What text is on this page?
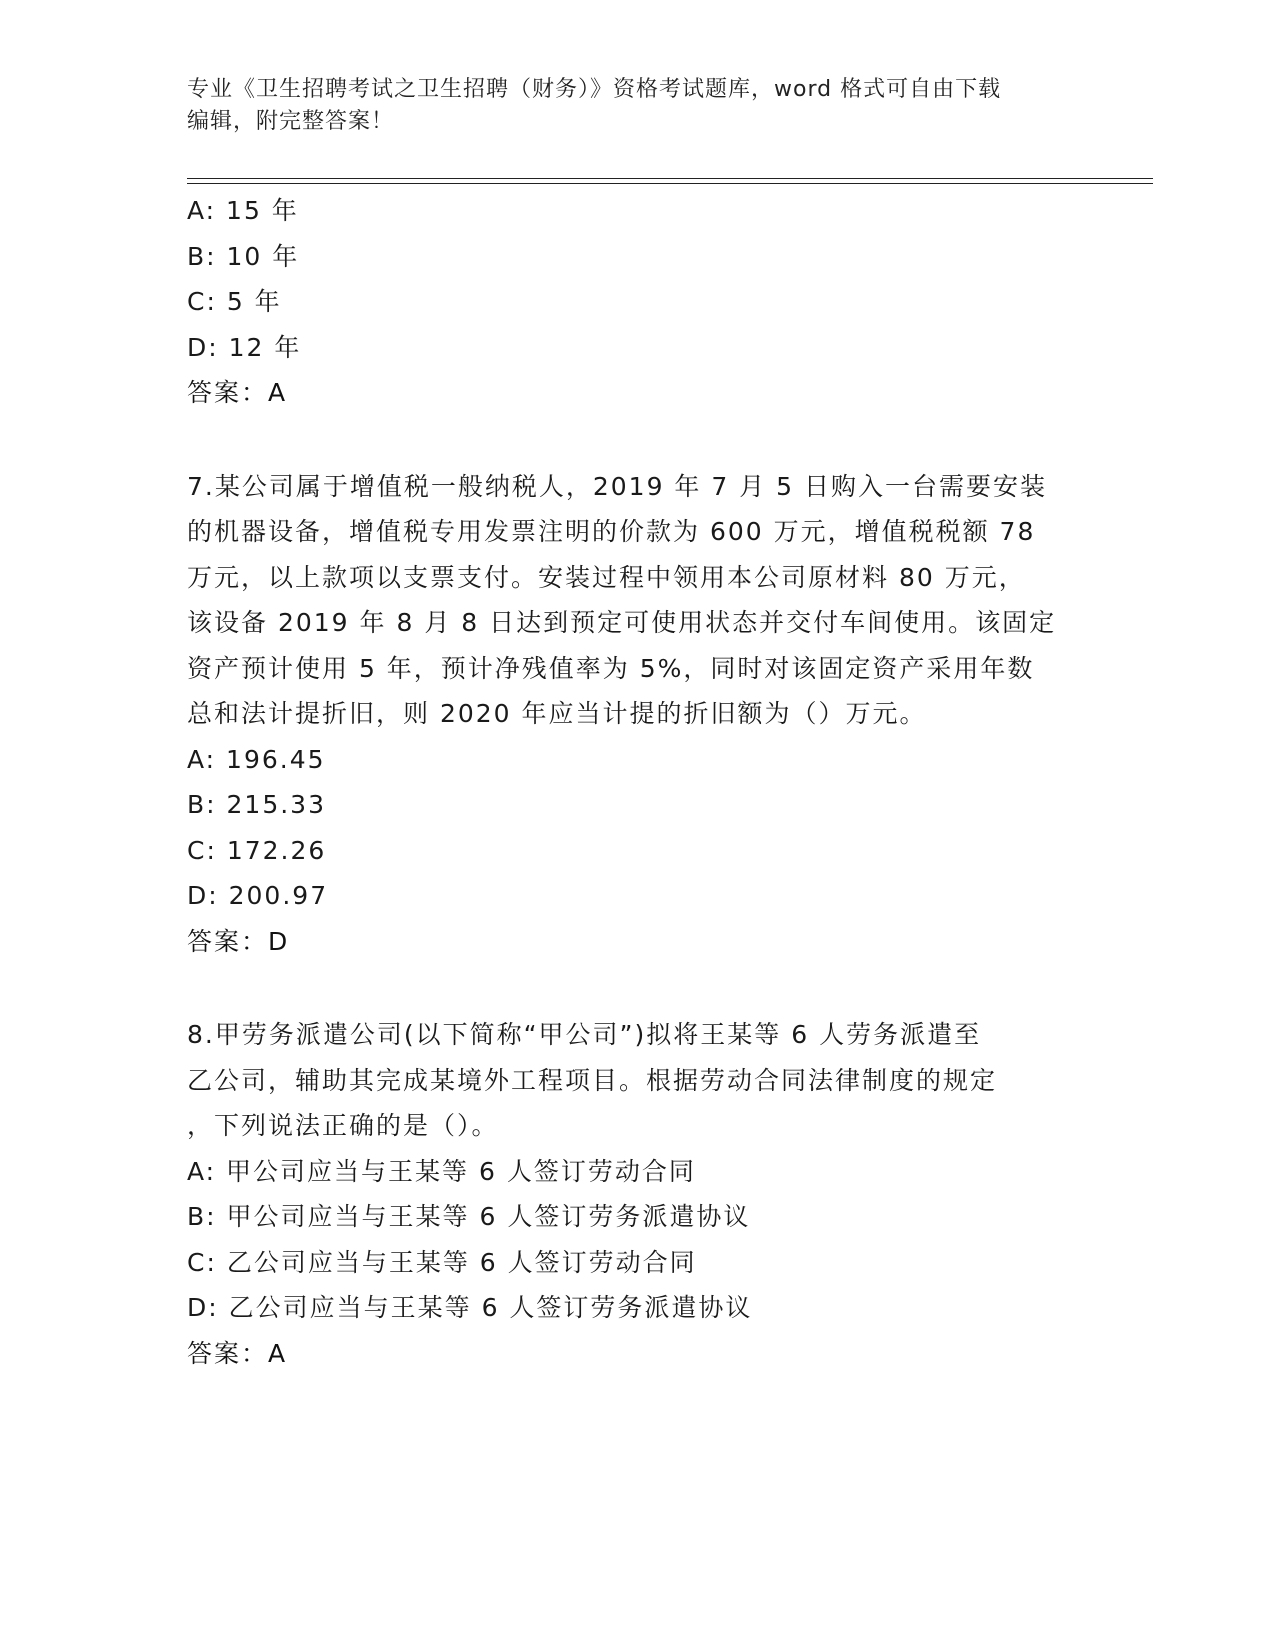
专业《卫生招聘考试之卫生招聘（财务）》资格考试题库，word 格式可自由下载
编辑，附完整答案！
A: 15 年
B: 10 年
C: 5 年
D: 12 年
答案：A
7.某公司属于增值税一般纳税人，2019 年 7 月 5 日购入一台需要安装
的机器设备，增值税专用发票注明的价款为 600 万元，增值税税额 78
万元，以上款项以支票支付。安装过程中领用本公司原材料 80 万元，
该设备 2019 年 8 月 8 日达到预定可使用状态并交付车间使用。该固定
资产预计使用 5 年，预计净残值率为 5%，同时对该固定资产采用年数
总和法计提折旧，则 2020 年应当计提的折旧额为（）万元。
A: 196.45
B: 215.33
C: 172.26
D: 200.97
答案：D
8.甲劳务派遣公司(以下简称“甲公司”)拟将王某等 6 人劳务派遣至
乙公司，辅助其完成某境外工程项目。根据劳动合同法律制度的规定
，下列说法正确的是（）。
A: 甲公司应当与王某等 6 人签订劳动合同
B: 甲公司应当与王某等 6 人签订劳务派遣协议
C: 乙公司应当与王某等 6 人签订劳动合同
D: 乙公司应当与王某等 6 人签订劳务派遣协议
答案：A
